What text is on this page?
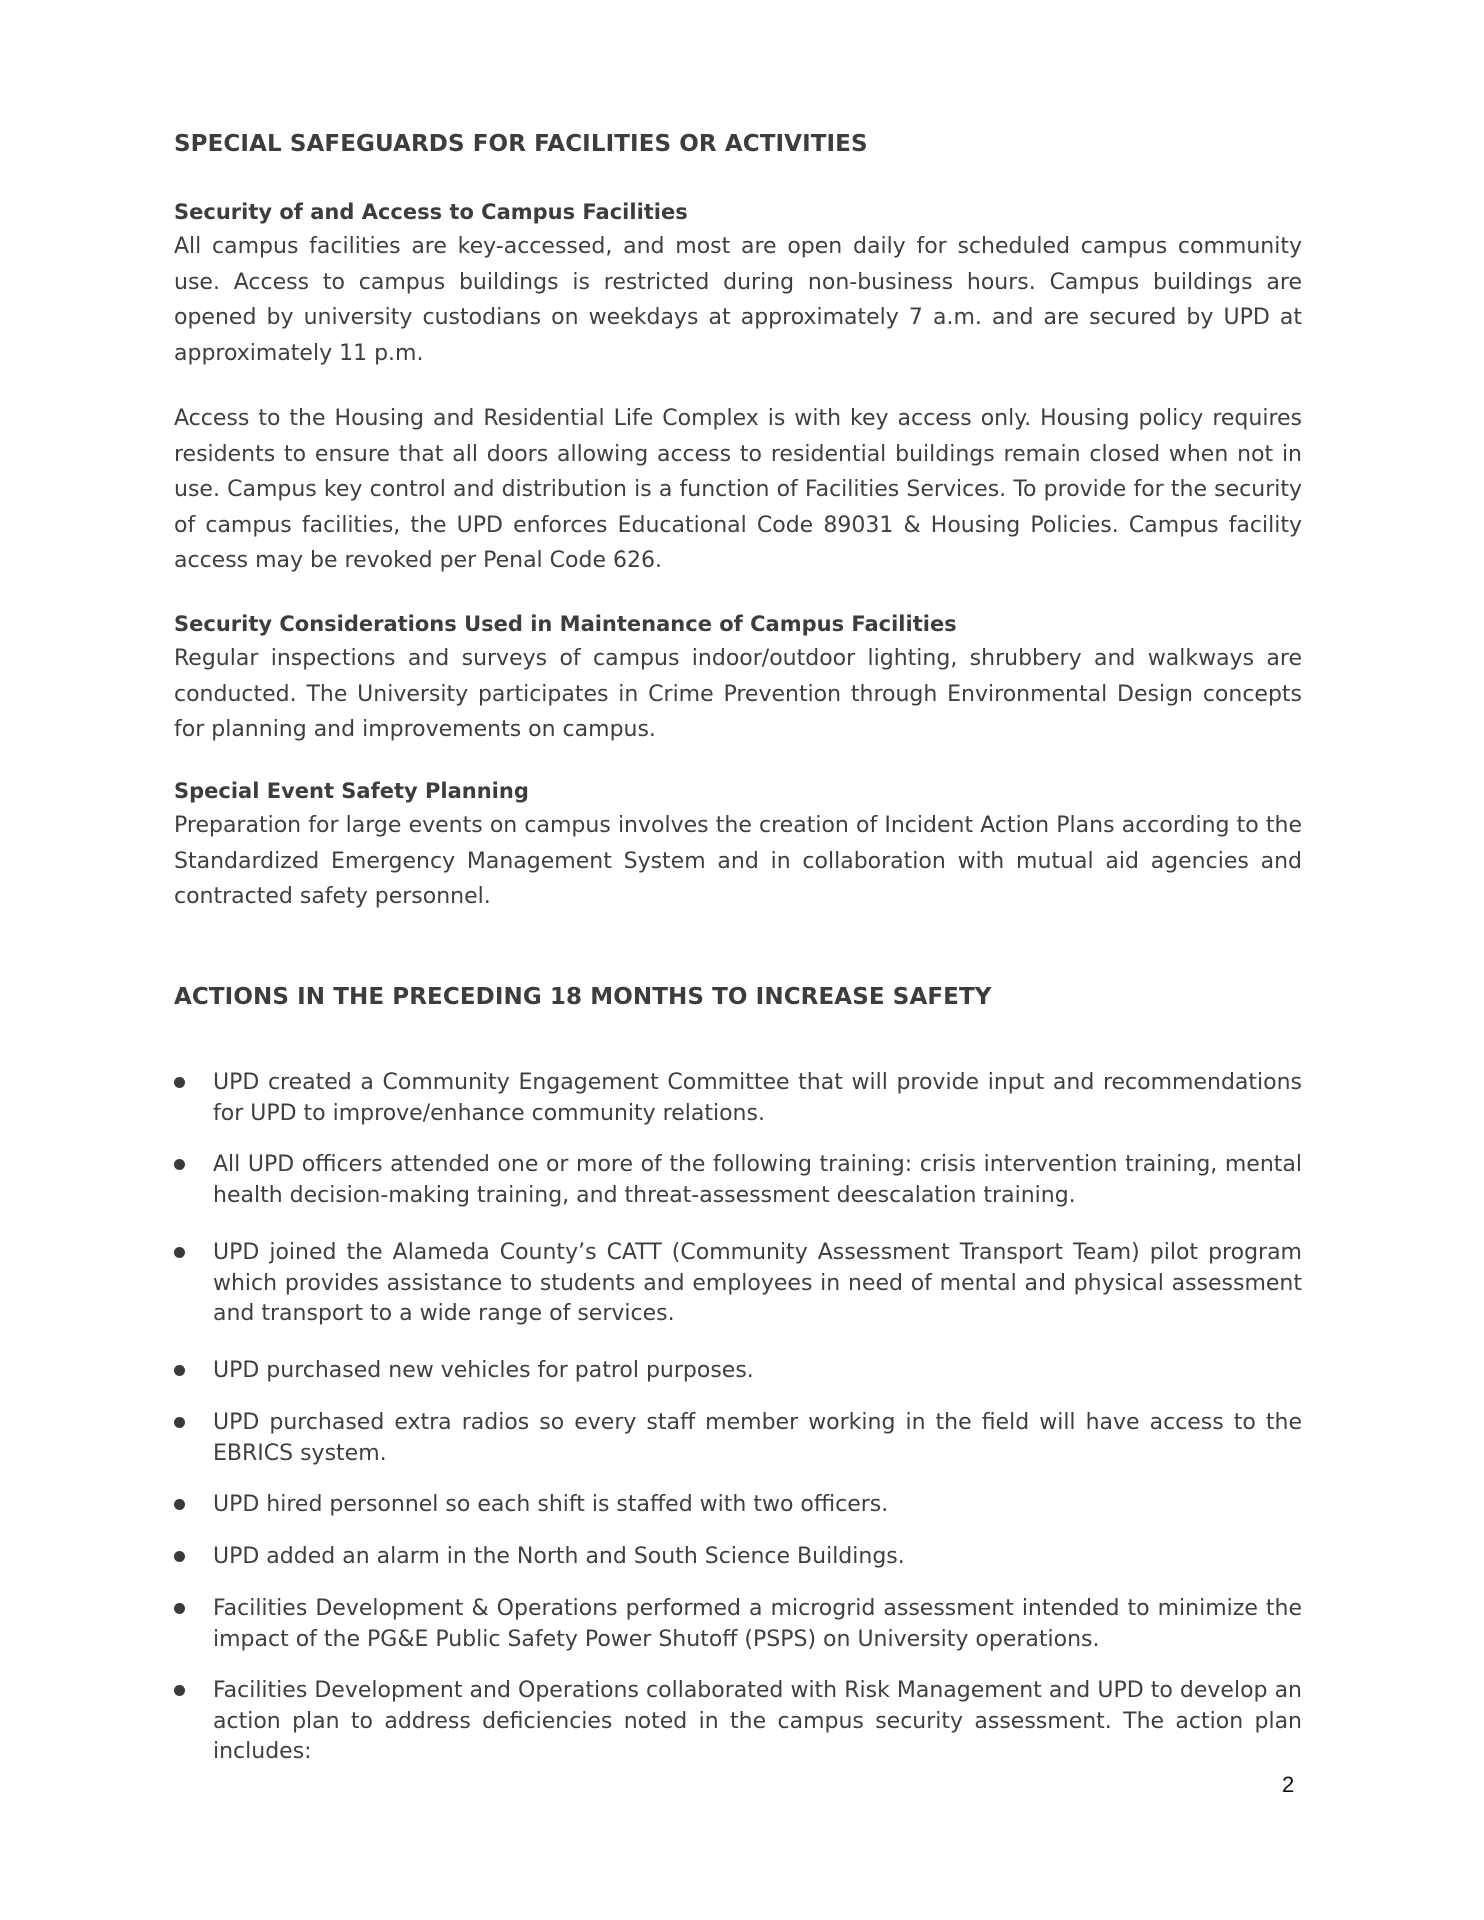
SPECIAL SAFEGUARDS FOR FACILITIES OR ACTIVITIES
Security of and Access to Campus Facilities

All campus facilities are key-accessed, and most are open daily for scheduled campus community use. Access to campus buildings is restricted during non-business hours. Campus buildings are opened by university custodians on weekdays at approximately 7 a.m. and are secured by UPD at approximately 11 p.m.

Access to the Housing and Residential Life Complex is with key access only. Housing policy requires residents to ensure that all doors allowing access to residential buildings remain closed when not in use. Campus key control and distribution is a function of Facilities Services. To provide for the security of campus facilities, the UPD enforces Educational Code 89031 & Housing Policies. Campus facility access may be revoked per Penal Code 626.

Security Considerations Used in Maintenance of Campus Facilities

Regular inspections and surveys of campus indoor/outdoor lighting, shrubbery and walkways are conducted. The University participates in Crime Prevention through Environmental Design concepts for planning and improvements on campus.

Special Event Safety Planning

Preparation for large events on campus involves the creation of Incident Action Plans according to the Standardized Emergency Management System and in collaboration with mutual aid agencies and contracted safety personnel.

ACTIONS IN THE PRECEDING 18 MONTHS TO INCREASE SAFETY

UPD created a Community Engagement Committee that will provide input and recommendations for UPD to improve/enhance community relations.

All UPD officers attended one or more of the following training: crisis intervention training, mental health decision-making training, and threat-assessment deescalation training.

UPD joined the Alameda County’s CATT (Community Assessment Transport Team) pilot program which provides assistance to students and employees in need of mental and physical assessment and transport to a wide range of services.

UPD purchased new vehicles for patrol purposes.

UPD purchased extra radios so every staff member working in the field will have access to the EBRICS system.

UPD hired personnel so each shift is staffed with two officers.

UPD added an alarm in the North and South Science Buildings.

Facilities Development & Operations performed a microgrid assessment intended to minimize the impact of the PG&E Public Safety Power Shutoff (PSPS) on University operations.

Facilities Development and Operations collaborated with Risk Management and UPD to develop an action plan to address deficiencies noted in the campus security assessment. The action plan includes:

2
